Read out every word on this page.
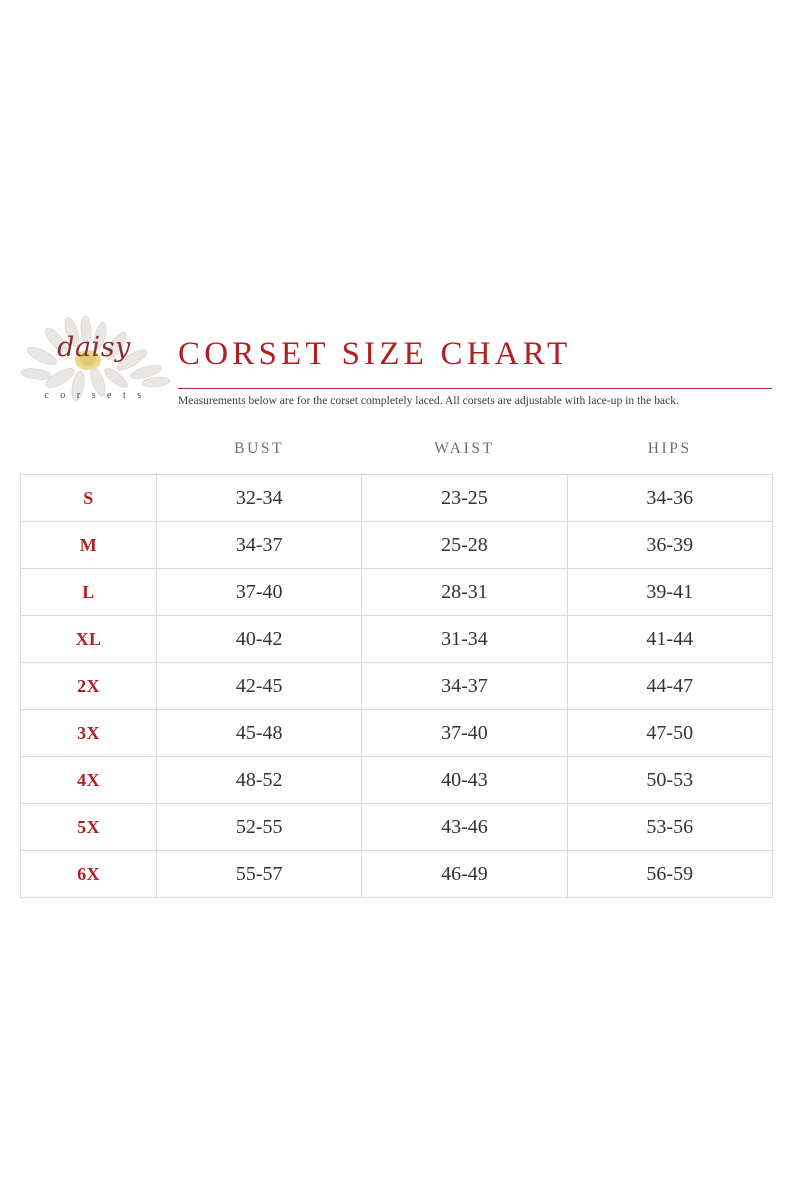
daisy
c o r s e t s
CORSET SIZE CHART
Measurements below are for the corset completely laced. All corsets are adjustable with lace-up in the back.
	BUST	WAIST	HIPS
S	32-34	23-25	34-36
M	34-37	25-28	36-39
L	37-40	28-31	39-41
XL	40-42	31-34	41-44
2X	42-45	34-37	44-47
3X	45-48	37-40	47-50
4X	48-52	40-43	50-53
5X	52-55	43-46	53-56
6X	55-57	46-49	56-59
